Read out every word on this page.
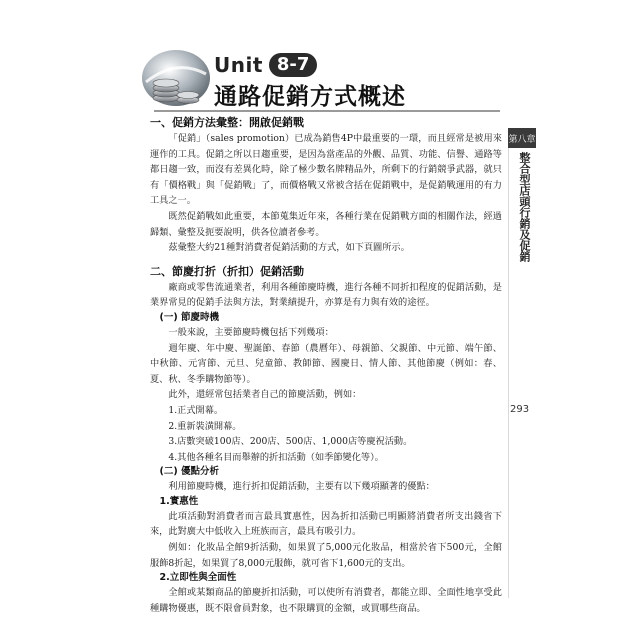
Unit 8-7
通路促銷方式概述
第八章
整合型店頭行銷及促銷
293
一、促銷方法彙整：開啟促銷戰

「促銷」（sales promotion）已成為銷售4P中最重要的一環，而且經常是被用來運作的工具。促銷之所以日趨重要，是因為當產品的外觀、品質、功能、信譽、通路等都日趨一致，而沒有差異化時，除了極少數名牌精品外，所剩下的行銷競爭武器，就只有「價格戰」與「促銷戰」了，而價格戰又常被含括在促銷戰中，是促銷戰運用的有力工具之一。

既然促銷戰如此重要，本節蒐集近年來，各種行業在促銷戰方面的相關作法，經過歸類、彙整及扼要說明，供各位讀者參考。

茲彙整大約21種對消費者促銷活動的方式，如下頁圖所示。

二、節慶打折（折扣）促銷活動

廠商或零售流通業者，利用各種節慶時機，進行各種不同折扣程度的促銷活動，是業界常見的促銷手法與方法，對業績提升，亦算是有力與有效的途徑。

(一) 節慶時機

一般來說，主要節慶時機包括下列幾項：

週年慶、年中慶、聖誕節、春節（農曆年）、母親節、父親節、中元節、端午節、中秋節、元宵節、元旦、兒童節、教師節、國慶日、情人節、其他節慶（例如：春、夏、秋、冬季購物節等）。

此外，還經常包括業者自己的節慶活動，例如：

1.正式開幕。
2.重新裝潢開幕。
3.店數突破100店、200店、500店、1,000店等慶祝活動。
4.其他各種名目而舉辦的折扣活動（如季節變化等）。
(二) 優點分析

利用節慶時機，進行折扣促銷活動，主要有以下幾項顯著的優點：

1.實惠性

此項活動對消費者而言最具實惠性，因為折扣活動已明顯將消費者所支出錢省下來，此對廣大中低收入上班族而言，最具有吸引力。

例如：化妝品全館9折活動，如果買了5,000元化妝品，相當於省下500元，全館服飾8折起，如果買了8,000元服飾，就可省下1,600元的支出。

2.立即性與全面性

全館或某類商品的節慶折扣活動，可以使所有消費者，都能立即、全面性地享受此種購物優惠，既不限會員對象，也不限購買的金額，或買哪些商品。
